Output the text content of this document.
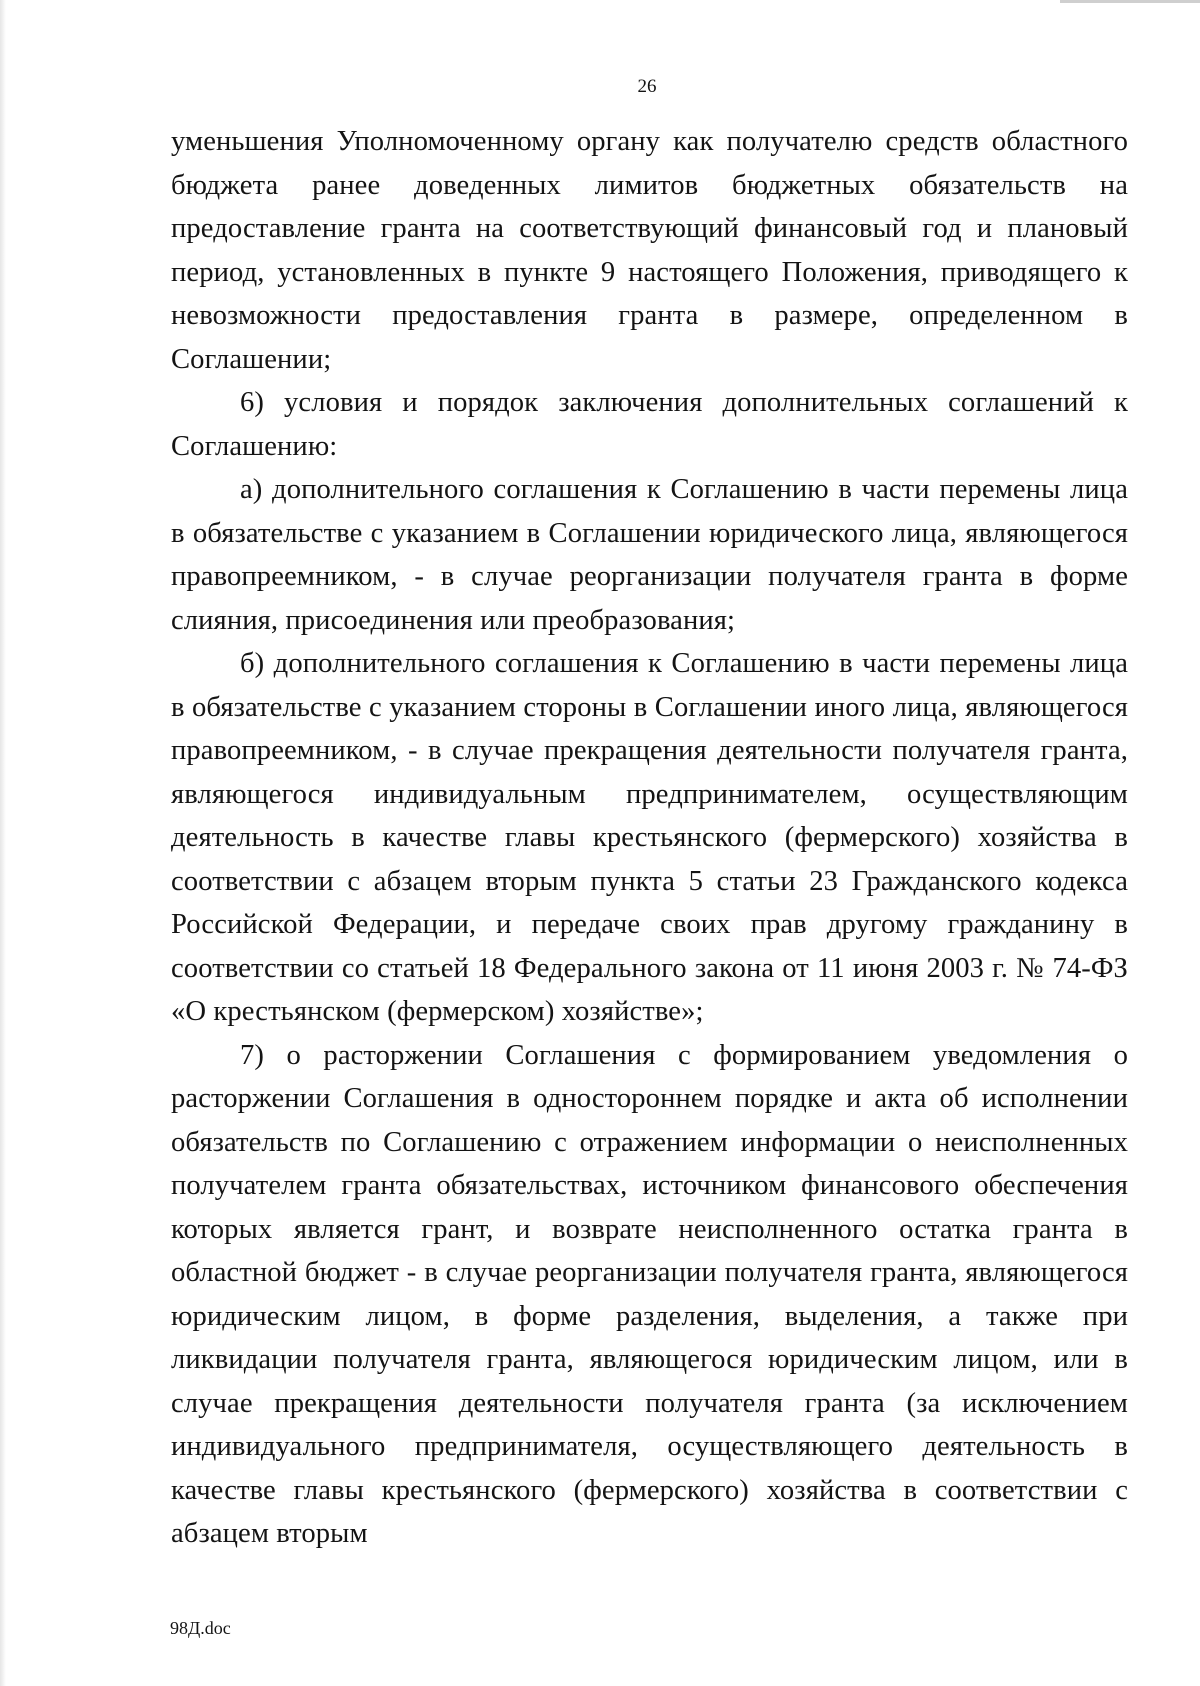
26

уменьшения Уполномоченному органу как получателю средств областного бюджета ранее доведенных лимитов бюджетных обязательств на предоставление гранта на соответствующий финансовый год и плановый период, установленных в пункте 9 настоящего Положения, приводящего к невозможности предоставления гранта в размере, определенном в Соглашении;

6) условия и порядок заключения дополнительных соглашений к Соглашению:

а) дополнительного соглашения к Соглашению в части перемены лица в обязательстве с указанием в Соглашении юридического лица, являющегося правопреемником, - в случае реорганизации получателя гранта в форме слияния, присоединения или преобразования;

б) дополнительного соглашения к Соглашению в части перемены лица в обязательстве с указанием стороны в Соглашении иного лица, являющегося правопреемником, - в случае прекращения деятельности получателя гранта, являющегося индивидуальным предпринимателем, осуществляющим деятельность в качестве главы крестьянского (фермерского) хозяйства в соответствии с абзацем вторым пункта 5 статьи 23 Гражданского кодекса Российской Федерации, и передаче своих прав другому гражданину в соответствии со статьей 18 Федерального закона от 11 июня 2003 г. № 74-ФЗ «О крестьянском (фермерском) хозяйстве»;

7) о расторжении Соглашения с формированием уведомления о расторжении Соглашения в одностороннем порядке и акта об исполнении обязательств по Соглашению с отражением информации о неисполненных получателем гранта обязательствах, источником финансового обеспечения которых является грант, и возврате неисполненного остатка гранта в областной бюджет - в случае реорганизации получателя гранта, являющегося юридическим лицом, в форме разделения, выделения, а также при ликвидации получателя гранта, являющегося юридическим лицом, или в случае прекращения деятельности получателя гранта (за исключением индивидуального предпринимателя, осуществляющего деятельность в качестве главы крестьянского (фермерского) хозяйства в соответствии с абзацем вторым

98Д.doc
